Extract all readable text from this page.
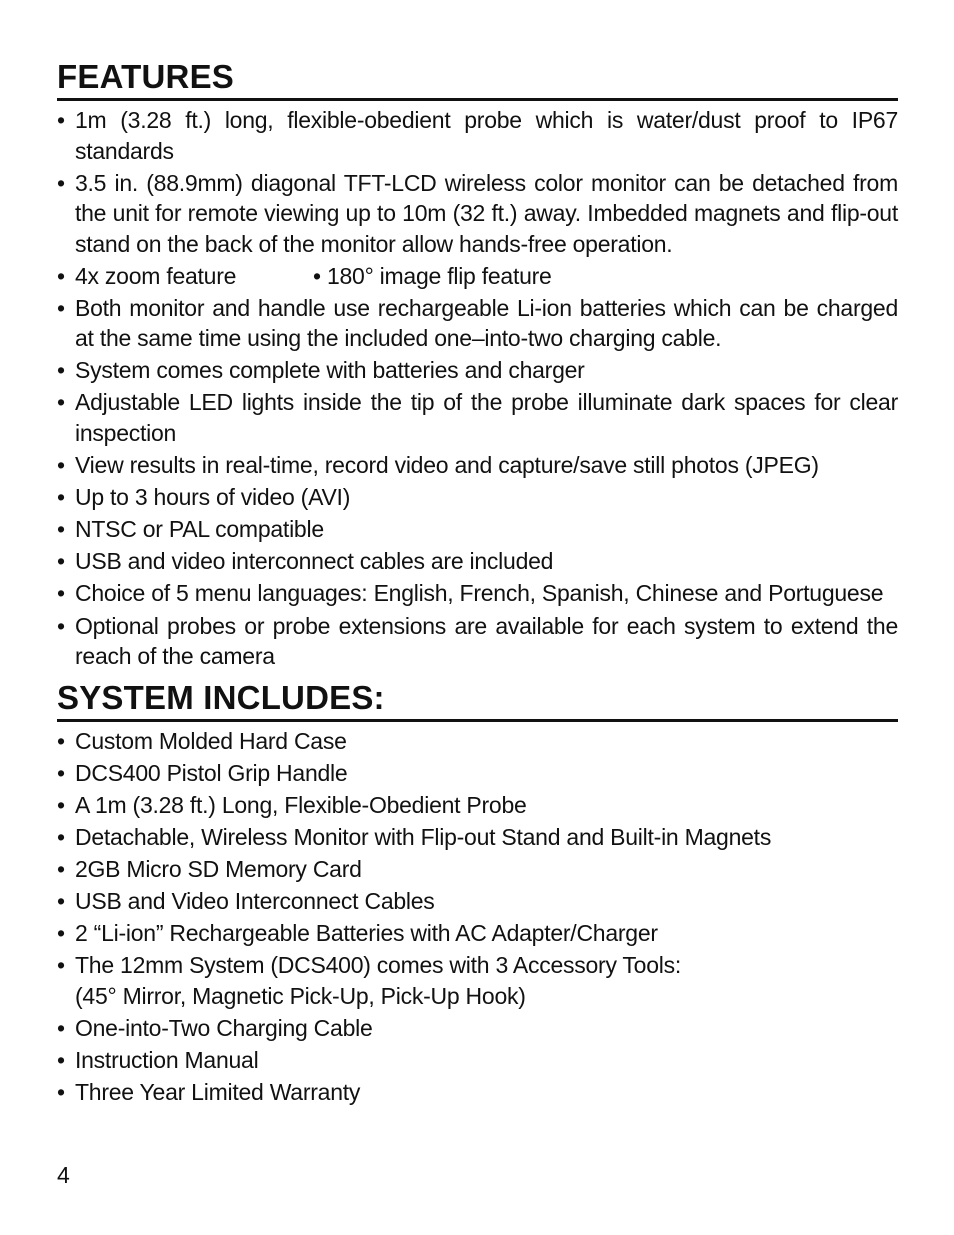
FEATURES
• 1m (3.28 ft.) long, flexible-obedient probe which is water/dust proof to IP67 standards
• 3.5 in. (88.9mm) diagonal TFT-LCD wireless color monitor can be detached from the unit for remote viewing up to 10m (32 ft.) away. Imbedded magnets and flip-out stand on the back of the monitor allow hands-free operation.
• 4x zoom feature	• 180° image flip feature
• Both monitor and handle use rechargeable Li-ion batteries which can be charged at the same time using the included one–into-two charging cable.
• System comes complete with batteries and charger
• Adjustable LED lights inside the tip of the probe illuminate dark spaces for clear inspection
• View results in real-time, record video and capture/save still photos (JPEG)
• Up to 3 hours of video (AVI)
• NTSC or PAL compatible
• USB and video interconnect cables are included
• Choice of 5 menu languages: English, French, Spanish, Chinese and Portuguese
• Optional probes or probe extensions are available for each system to extend the reach of the camera
SYSTEM INCLUDES:
• Custom Molded Hard Case
• DCS400 Pistol Grip Handle
• A 1m (3.28 ft.) Long, Flexible-Obedient Probe
• Detachable, Wireless Monitor with Flip-out Stand and Built-in Magnets
• 2GB Micro SD Memory Card
• USB and Video Interconnect Cables
• 2 “Li-ion” Rechargeable Batteries with AC Adapter/Charger
• The 12mm System (DCS400) comes with 3 Accessory Tools:
(45° Mirror, Magnetic Pick-Up, Pick-Up Hook)
• One-into-Two Charging Cable
• Instruction Manual
• Three Year Limited Warranty
4
